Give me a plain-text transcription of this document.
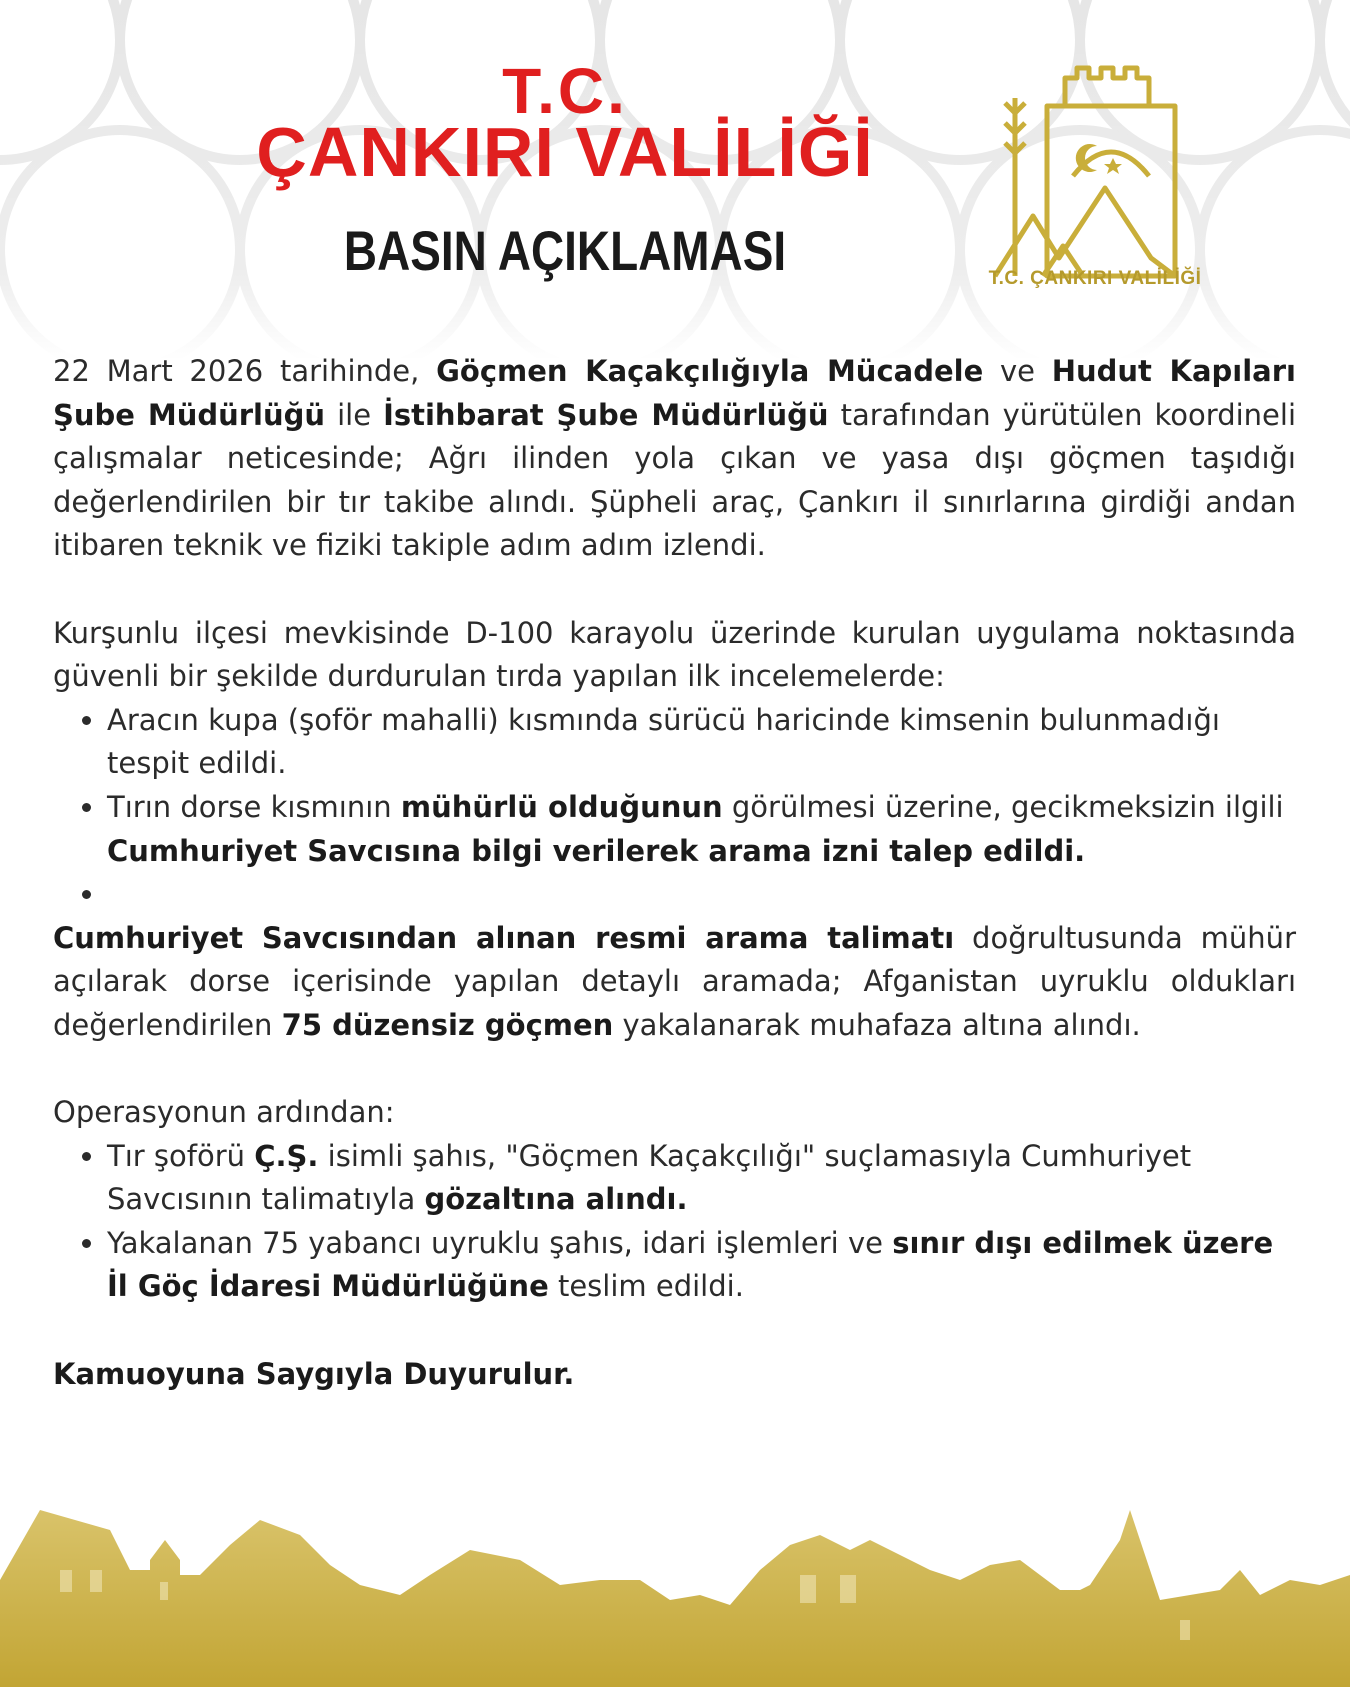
T.C.
ÇANKIRI VALİLİĞİ
BASIN AÇIKLAMASI	T.C. ÇANKIRI VALİLİĞİ

22 Mart 2026 tarihinde, Göçmen Kaçakçılığıyla Mücadele ve Hudut Kapıları Şube Müdürlüğü ile İstihbarat Şube Müdürlüğü tarafından yürütülen koordineli çalışmalar neticesinde; Ağrı ilinden yola çıkan ve yasa dışı göçmen taşıdığı değerlendirilen bir tır takibe alındı. Şüpheli araç, Çankırı il sınırlarına girdiği andan itibaren teknik ve fiziki takiple adım adım izlendi.

Kurşunlu ilçesi mevkisinde D-100 karayolu üzerinde kurulan uygulama noktasında güvenli bir şekilde durdurulan tırda yapılan ilk incelemelerde:

• Aracın kupa (şoför mahalli) kısmında sürücü haricinde kimsenin bulunmadığı tespit edildi.
• Tırın dorse kısmının mühürlü olduğunun görülmesi üzerine, gecikmeksizin ilgili Cumhuriyet Savcısına bilgi verilerek arama izni talep edildi.
•

Cumhuriyet Savcısından alınan resmi arama talimatı doğrultusunda mühür açılarak dorse içerisinde yapılan detaylı aramada; Afganistan uyruklu oldukları değerlendirilen 75 düzensiz göçmen yakalanarak muhafaza altına alındı.

Operasyonun ardından:

• Tır şoförü Ç.Ş. isimli şahıs, "Göçmen Kaçakçılığı" suçlamasıyla Cumhuriyet Savcısının talimatıyla gözaltına alındı.
• Yakalanan 75 yabancı uyruklu şahıs, idari işlemleri ve sınır dışı edilmek üzere İl Göç İdaresi Müdürlüğüne teslim edildi.

Kamuoyuna Saygıyla Duyurulur.
